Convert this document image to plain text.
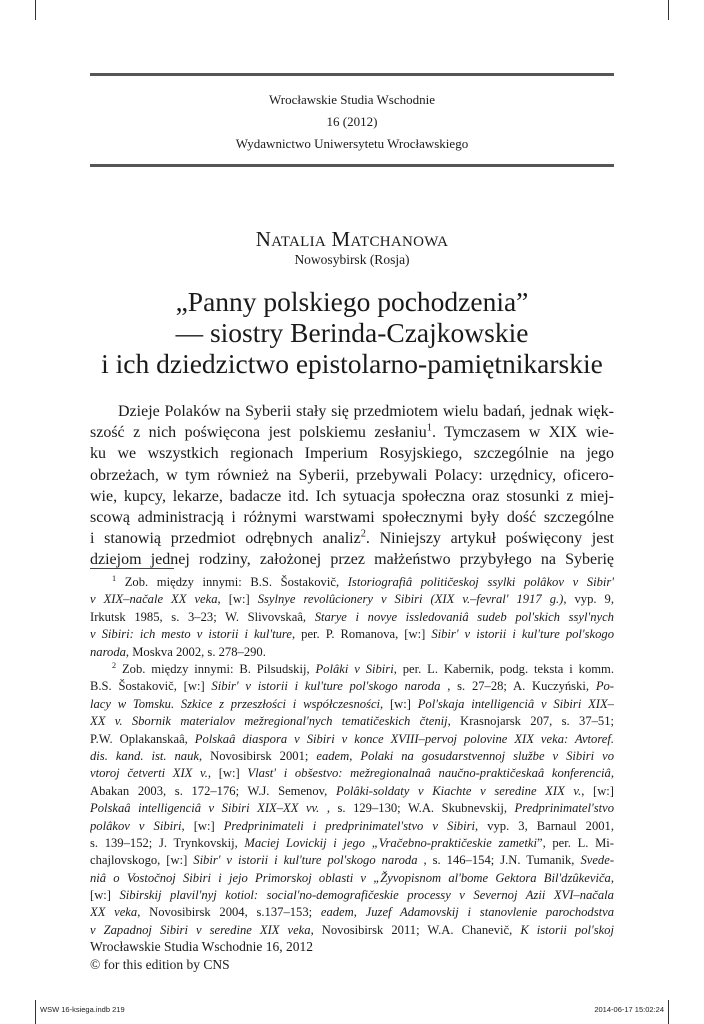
Wrocławskie Studia Wschodnie
16 (2012)
Wydawnictwo Uniwersytetu Wrocławskiego
Natalia Matchanowa
Nowosybirsk (Rosja)
„Panny polskiego pochodzenia”
— siostry Berinda-Czajkowskie
i ich dziedzictwo epistolarno-pamiętnikarskie
Dzieje Polaków na Syberii stały się przedmiotem wielu badań, jednak więk-
szość z nich poświęcona jest polskiemu zesłaniu$^1$. Tymczasem w XIX wie-
ku we wszystkich regionach Imperium Rosyjskiego, szczególnie na jego
obrzeżach, w tym również na Syberii, przebywali Polacy: urzędnicy, oficero-
wie, kupcy, lekarze, badacze itd. Ich sytuacja społeczna oraz stosunki z miej-
scową administracją i różnymi warstwami społecznymi były dość szczególne
i stanowią przedmiot odrębnych analiz$^2$. Niniejszy artykuł poświęcony jest
dziejom jednej rodziny, założonej przez małżeństwo przybyłego na Syberię
$^1$ Zob. między innymi: B.S. Šostakovič, Istoriografiâ političeskoj ssylki polâkov v Sibir'
v XIX–načale XX veka, [w:] Ssylnye revolûcionery v Sibiri (XIX v.–fevral' 1917 g.), vyp. 9,
Irkutsk 1985, s. 3–23; W. Slivovskaâ, Starye i novye issledovaniâ sudeb pol'skich ssyl'nych
v Sibiri: ich mesto v istorii i kul'ture, per. P. Romanova, [w:] Sibir' v istorii i kul'ture pol'skogo
naroda, Moskva 2002, s. 278–290.
$^2$ Zob. między innymi: B. Pilsudskij, Polâki v Sibiri, per. L. Kabernik, podg. teksta i komm.
B.S. Šostakovič, [w:] Sibir' v istorii i kul'ture pol'skogo naroda , s. 27–28; A. Kuczyński, Po-
lacy w Tomsku. Szkice z przeszłości i współczesności, [w:] Pol'skaja intelligenciâ v Sibiri XIX–
XX v. Sbornik materialov mežregional'nych tematičeskich čtenij, Krasnojarsk 207, s. 37–51;
P.W. Oplakanskaâ, Polskaâ diaspora v Sibiri v konce XVIII–pervoj polovine XIX veka: Avtoref.
dis. kand. ist. nauk, Novosibirsk 2001; eadem, Polaki na gosudarstvennoj službe v Sibiri vo
vtoroj četverti XIX v., [w:] Vlast' i obšestvo: mežregionalnaâ naučno-praktičeskaâ konferenciâ,
Abakan 2003, s. 172–176; W.J. Semenov, Polâki-soldaty v Kiachte v seredine XIX v., [w:]
Polskaâ intelligenciâ v Sibiri XIX–XX vv. , s. 129–130; W.A. Skubnevskij, Predprinimatel'stvo
polâkov v Sibiri, [w:] Predprinimateli i predprinimatel'stvo v Sibiri, vyp. 3, Barnaul 2001,
s. 139–152; J. Trynkovskij, Maciej Lovickij i jego „Vračebno-praktičeskie zametki”, per. L. Mi-
chajlovskogo, [w:] Sibir' v istorii i kul'ture pol'skogo naroda , s. 146–154; J.N. Tumanik, Svede-
niâ o Vostočnoj Sibiri i jejo Primorskoj oblasti v „Žyvopisnom al'bome Gektora Bil'dzûkeviča,
[w:] Sibirskij plavil'nyj kotiol: social'no-demografičeskie processy v Severnoj Azii XVI–načala
XX veka, Novosibirsk 2004, s.137–153; eadem, Juzef Adamovskij i stanovlenie parochodstva
v Zapadnoj Sibiri v seredine XIX veka, Novosibirsk 2011; W.A. Chanevič, K istorii pol'skoj
Wrocławskie Studia Wschodnie 16, 2012
© for this edition by CNS
WSW 16-ksiega.indb 219	2014-06-17 15:02:24
